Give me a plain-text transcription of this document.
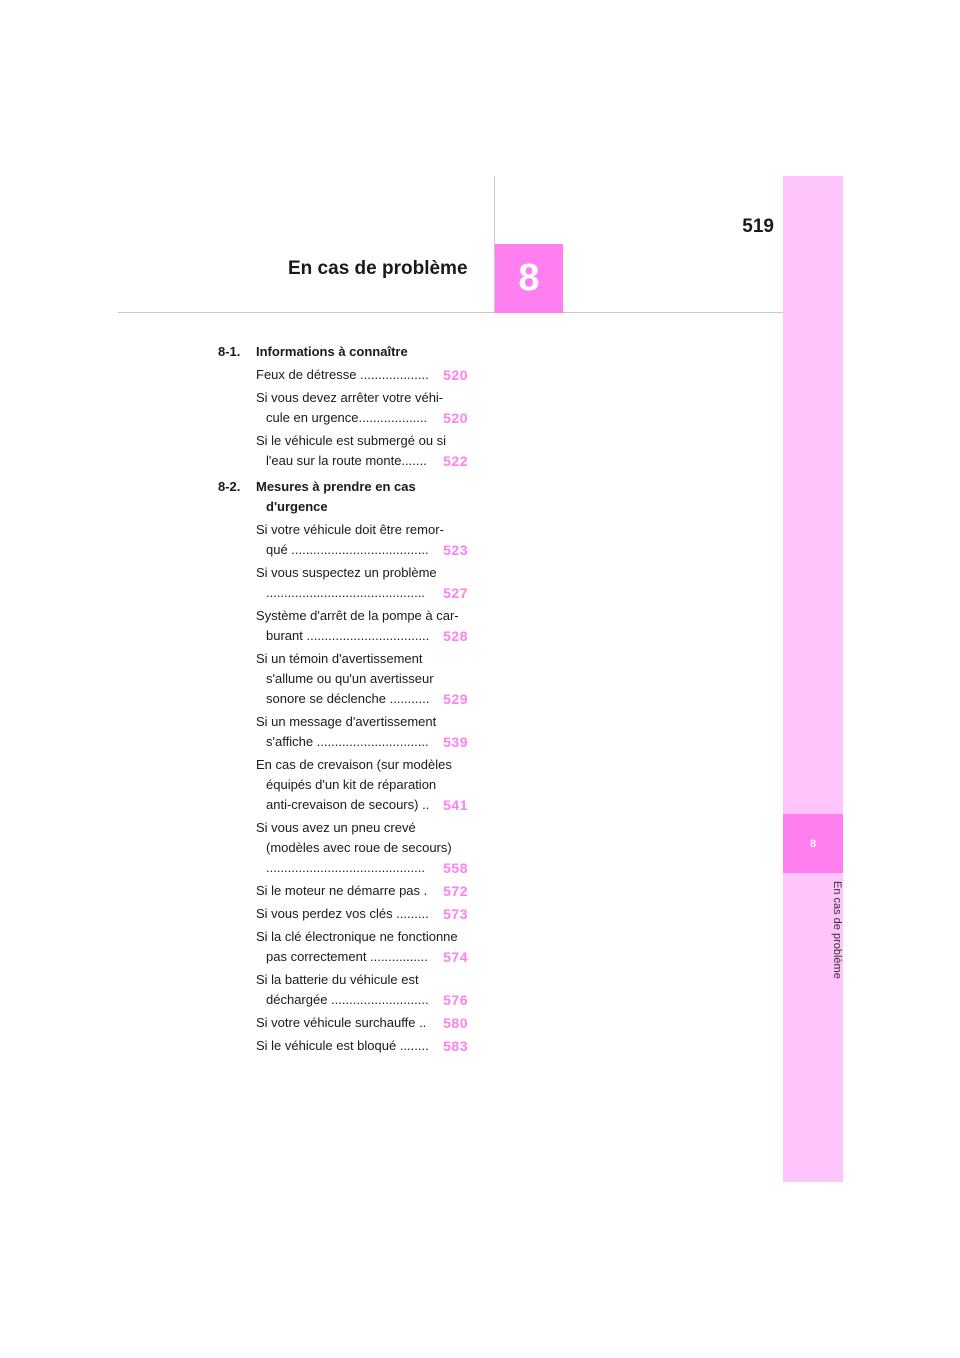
519
En cas de problème	8
8
En cas de problème
8-1. Informations à connaître
Feux de détresse ...................	520
Si vous devez arrêter votre véhi-
cule en urgence...................	520
Si le véhicule est submergé ou si
l'eau sur la route monte.......	522
8-2. Mesures à prendre en cas
d'urgence
Si votre véhicule doit être remor-
qué ......................................	523
Si vous suspectez un problème
............................................	527
Système d'arrêt de la pompe à car-
burant .................................. 528
Si un témoin d'avertissement
s'allume ou qu'un avertisseur
sonore se déclenche ........... 529
Si un message d'avertissement
s'affiche ...............................	539
En cas de crevaison (sur modèles
équipés d'un kit de réparation
anti-crevaison de secours) .. 541
Si vous avez un pneu crevé
(modèles avec roue de secours)
............................................	558
Si le moteur ne démarre pas .	572
Si vous perdez vos clés .........	573
Si la clé électronique ne fonctionne
pas correctement ................	574
Si la batterie du véhicule est
déchargée ...........................	576
Si votre véhicule surchauffe ..	580
Si le véhicule est bloqué ........	583
